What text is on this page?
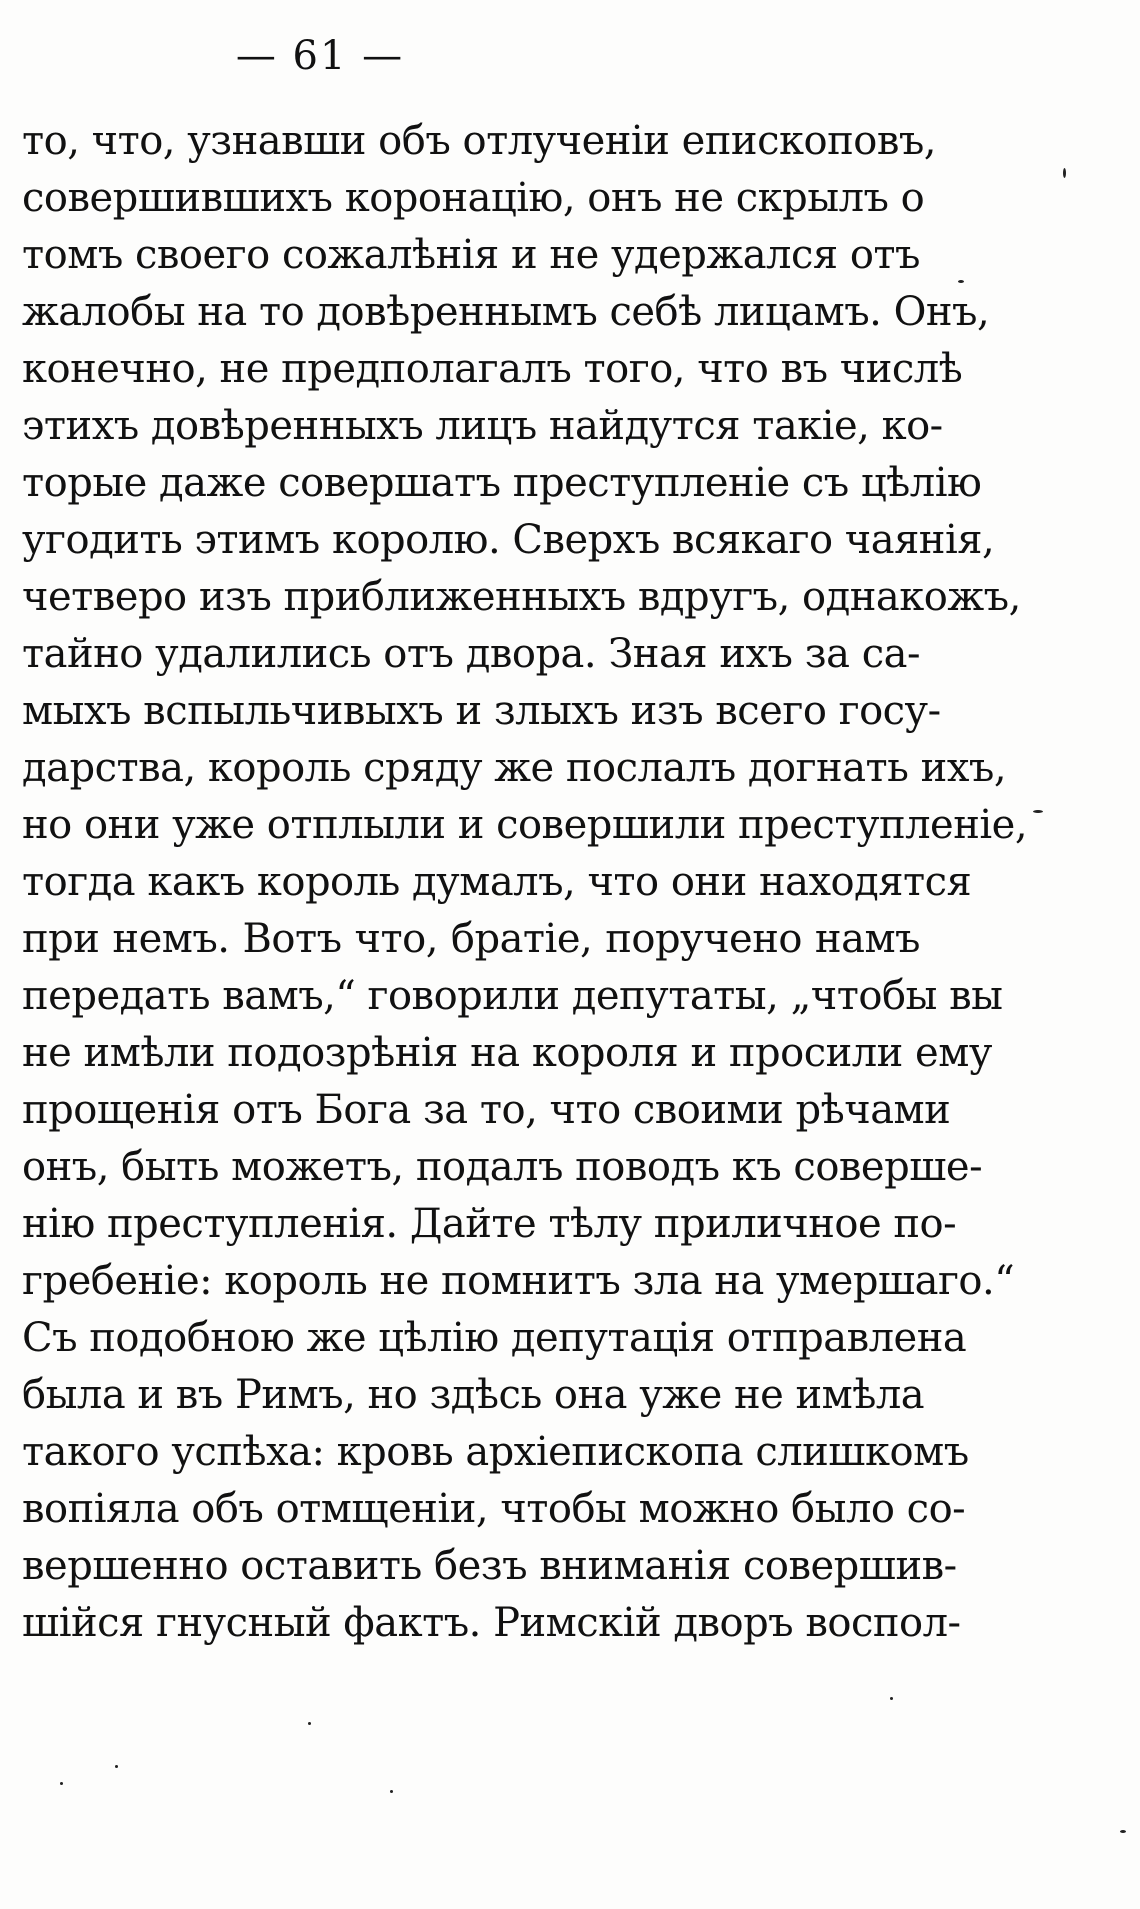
— 61 —
то, что, узнавши объ отлученіи епископовъ,
совершившихъ коронацію, онъ не скрылъ о
томъ своего сожалѣнія и не удержался отъ
жалобы на то довѣреннымъ себѣ лицамъ. Онъ,
конечно, не предполагалъ того, что въ числѣ
этихъ довѣренныхъ лицъ найдутся такіе, ко-
торые даже совершатъ преступленіе съ цѣлію
угодить этимъ королю. Сверхъ всякаго чаянія,
четверо изъ приближенныхъ вдругъ, однакожъ,
тайно удалились отъ двора. Зная ихъ за са-
мыхъ вспыльчивыхъ и злыхъ изъ всего госу-
дарства, король сряду же послалъ догнать ихъ,
но они уже отплыли и совершили преступленіе,
тогда какъ король думалъ, что они находятся
при немъ. Вотъ что, братіе, поручено намъ
передать вамъ,“ говорили депутаты, „чтобы вы
не имѣли подозрѣнія на короля и просили ему
прощенія отъ Бога за то, что своими рѣчами
онъ, быть можетъ, подалъ поводъ къ соверше-
нію преступленія. Дайте тѣлу приличное по-
гребеніе: король не помнитъ зла на умершаго.“
Съ подобною же цѣлію депутація отправлена
была и въ Римъ, но здѣсь она уже не имѣла
такого успѣха: кровь архіепископа слишкомъ
вопіяла объ отмщеніи, чтобы можно было со-
вершенно оставить безъ вниманія совершив-
шійся гнусный фактъ. Римскій дворъ воспол-
